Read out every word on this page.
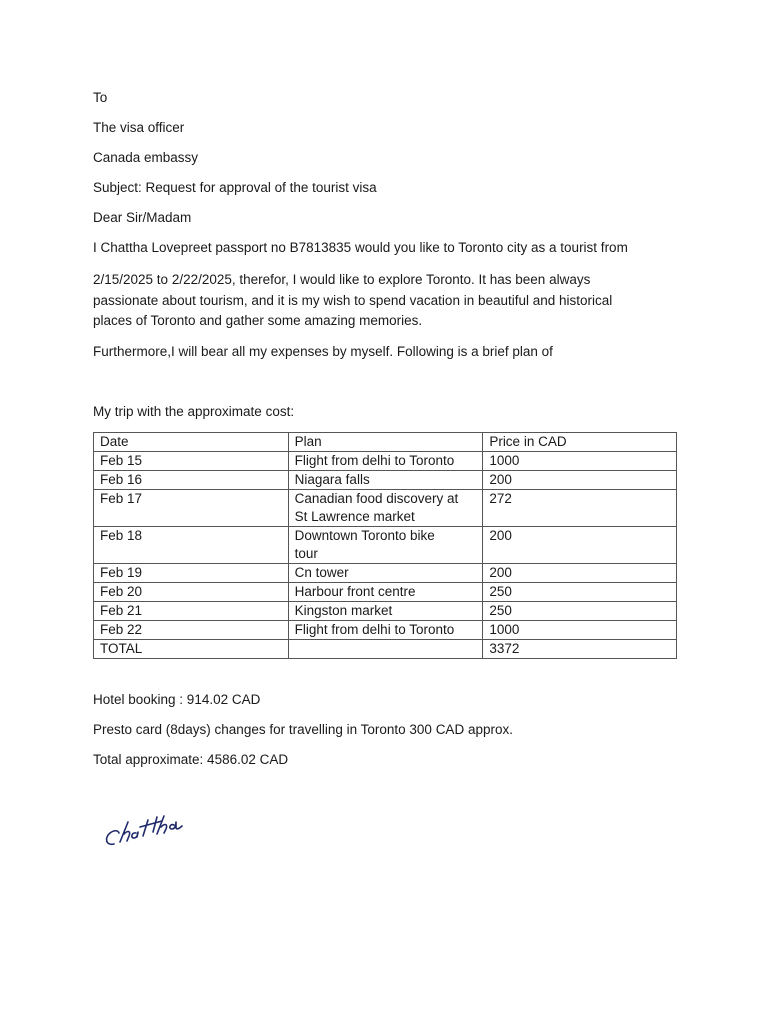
To
The visa officer
Canada embassy
Subject: Request for approval of the tourist visa
Dear Sir/Madam
I Chattha Lovepreet passport no B7813835 would you like to Toronto city as a tourist from
2/15/2025 to 2/22/2025, therefor, I would like to explore Toronto. It has been always
passionate about tourism, and it is my wish to spend vacation in beautiful and historical
places of Toronto and gather some amazing memories.
Furthermore,I will bear all my expenses by myself. Following is a brief plan of
My trip with the approximate cost:
Date	Plan	Price in CAD
Feb 15	Flight from delhi to Toronto	1000
Feb 16	Niagara falls	200
Feb 17	Canadian food discovery at
St Lawrence market	272
Feb 18	Downtown Toronto bike
tour	200
Feb 19	Cn tower	200
Feb 20	Harbour front centre	250
Feb 21	Kingston market	250
Feb 22	Flight from delhi to Toronto	1000
TOTAL		3372
Hotel booking : 914.02 CAD
Presto card (8days) changes for travelling in Toronto 300 CAD approx.
Total approximate: 4586.02 CAD
